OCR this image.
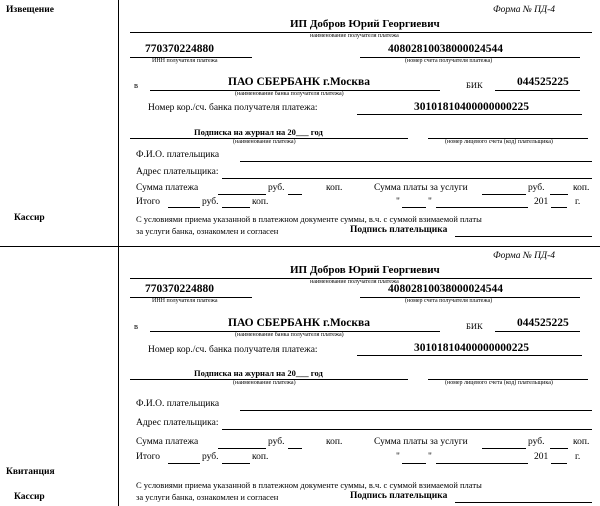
Извещение
Кассир
Квитанция
Кассир
Форма № ПД-4
ИП Добров Юрий Георгиевич
наименование получателя платежа
770370224880
ИНН получателя платежа
40802810038000024544
(номер счета получателя платежа)
в	ПАО СБЕРБАНК г.Москва
(наименование банка получателя платежа)
БИК	044525225
Номер кор./сч. банка получателя платежа:	30101810400000000225
Подписка на журнал на 20___ год
(наименование платежа)	(номер лицевого счета (код) плательщика)
Ф.И.О. плательщика
Адрес плательщика:
Сумма платежа	руб.	коп.	Сумма платы за услуги	руб.	коп.
Итого	руб.	коп.	"	"	201	г.
С условиями приема указанной в платежном документе суммы, в.ч. с суммой взимаемой платы
за услуги банка, ознакомлен и согласен	Подпись плательщика
Форма № ПД-4
ИП Добров Юрий Георгиевич
наименование получателя платежа
770370224880
ИНН получателя платежа
40802810038000024544
(номер счета получателя платежа)
в	ПАО СБЕРБАНК г.Москва
(наименование банка получателя платежа)
БИК	044525225
Номер кор./сч. банка получателя платежа:	30101810400000000225
Подписка на журнал на 20___ год
(наименование платежа)	(номер лицевого счета (код) плательщика)
Ф.И.О. плательщика
Адрес плательщика:
Сумма платежа	руб.	коп.	Сумма платы за услуги	руб.	коп.
Итого	руб.	коп.	"	"	201	г.
С условиями приема указанной в платежном документе суммы, в.ч. с суммой взимаемой платы
за услуги банка, ознакомлен и согласен	Подпись плательщика
